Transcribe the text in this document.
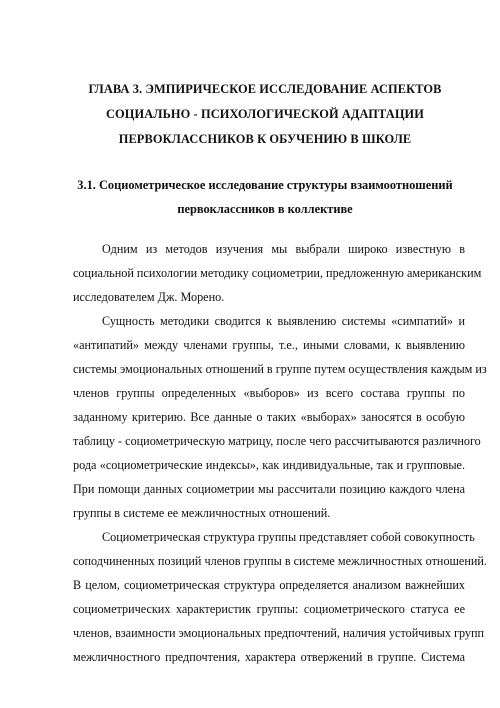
ГЛАВА 3. ЭМПИРИЧЕСКОЕ ИССЛЕДОВАНИЕ АСПЕКТОВ
СОЦИАЛЬНО - ПСИХОЛОГИЧЕСКОЙ АДАПТАЦИИ
ПЕРВОКЛАССНИКОВ К ОБУЧЕНИЮ В ШКОЛЕ
3.1. Социометрическое исследование структуры взаимоотношений
первоклассников в коллективе
Одним из методов изучения мы выбрали широко известную в
социальной психологии методику социометрии, предложенную американским
исследователем Дж. Морено.
Сущность методики сводится к выявлению системы «симпатий» и
«антипатий» между членами группы, т.е., иными словами, к выявлению
системы эмоциональных отношений в группе путем осуществления каждым из
членов группы определенных «выборов» из всего состава группы по
заданному критерию. Все данные о таких «выборах» заносятся в особую
таблицу - социометрическую матрицу, после чего рассчитываются различного
рода «социометрические индексы», как индивидуальные, так и групповые.
При помощи данных социометрии мы рассчитали позицию каждого члена
группы в системе ее межличностных отношений.
Социометрическая структура группы представляет собой совокупность
соподчиненных позиций членов группы в системе межличностных отношений.
В целом, социометрическая структура определяется анализом важнейших
социометрических характеристик группы: социометрического статуса ее
членов, взаимности эмоциональных предпочтений, наличия устойчивых групп
межличностного предпочтения, характера отвержений в группе. Система
